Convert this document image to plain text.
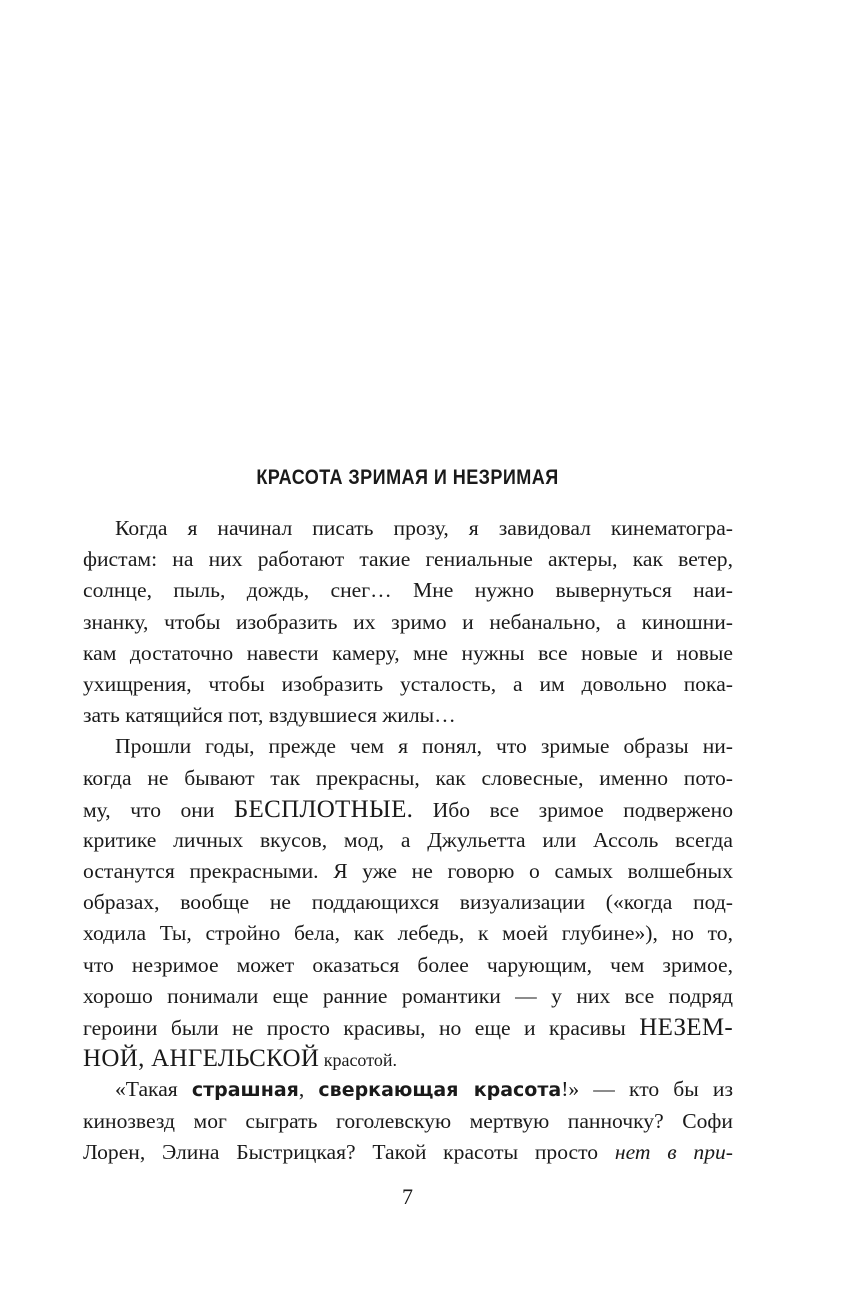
КРАСОТА ЗРИМАЯ И НЕЗРИМАЯ
Когда я начинал писать прозу, я завидовал кинематогра-
фистам: на них работают такие гениальные актеры, как ветер,
солнце, пыль, дождь, снег… Мне нужно вывернуться наи-
знанку, чтобы изобразить их зримо и небанально, а киношни-
кам достаточно навести камеру, мне нужны все новые и новые
ухищрения, чтобы изобразить усталость, а им довольно пока-
зать катящийся пот, вздувшиеся жилы…
Прошли годы, прежде чем я понял, что зримые образы ни-
когда не бывают так прекрасны, как словесные, именно пото-
му, что они БЕСПЛОТНЫЕ. Ибо все зримое подвержено
критике личных вкусов, мод, а Джульетта или Ассоль всегда
останутся прекрасными. Я уже не говорю о самых волшебных
образах, вообще не поддающихся визуализации («когда под-
ходила Ты, стройно бела, как лебедь, к моей глубине»), но то,
что незримое может оказаться более чарующим, чем зримое,
хорошо понимали еще ранние романтики — у них все подряд
героини были не просто красивы, но еще и красивы НЕЗЕМ-
НОЙ, АНГЕЛЬСКОЙ красотой.
«Такая страшная, сверкающая красота!» — кто бы из
кинозвезд мог сыграть гоголевскую мертвую панночку? Софи
Лорен, Элина Быстрицкая? Такой красоты просто нет в при-
7
